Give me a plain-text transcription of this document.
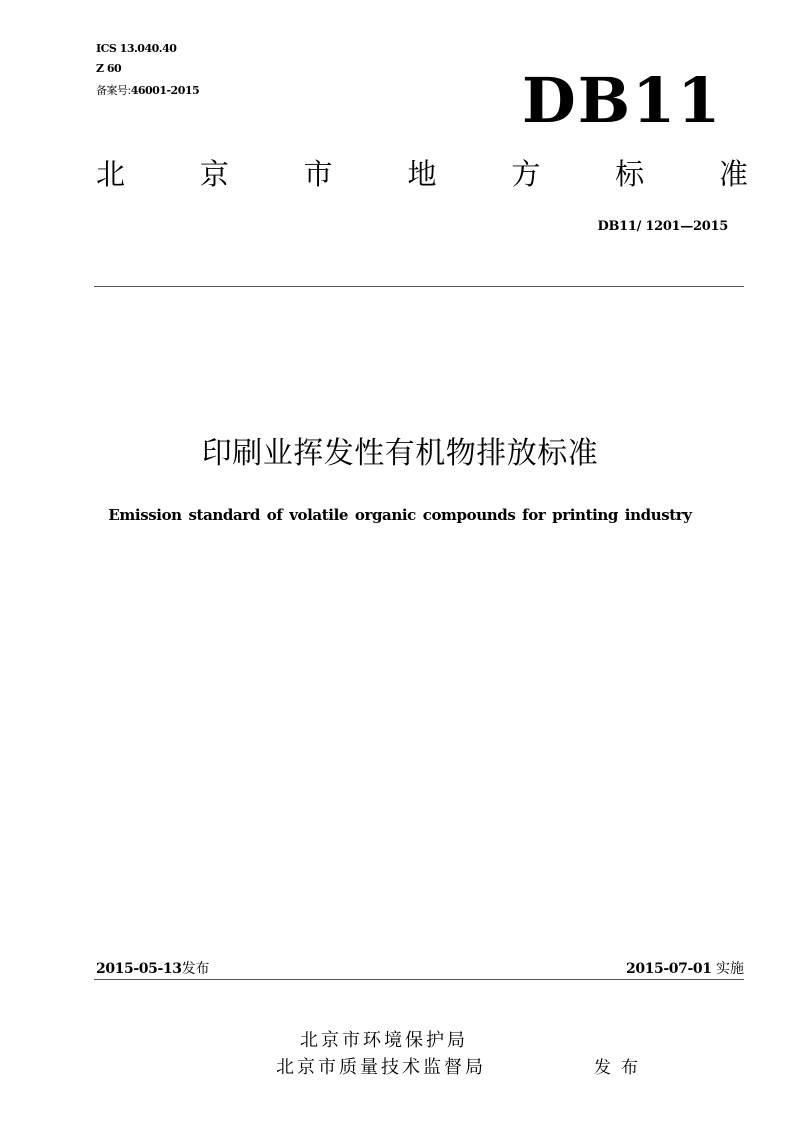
ICS 13.040.40
Z 60
备案号:46001-2015	DB11
北	京	市	地	方	标	准
DB11/ 1201—2015
印刷业挥发性有机物排放标准
Emission standard of volatile organic compounds for printing industry
2015-05-13发布	2015-07-01 实施
北京市环境保护局
北京市质量技术监督局	发布
